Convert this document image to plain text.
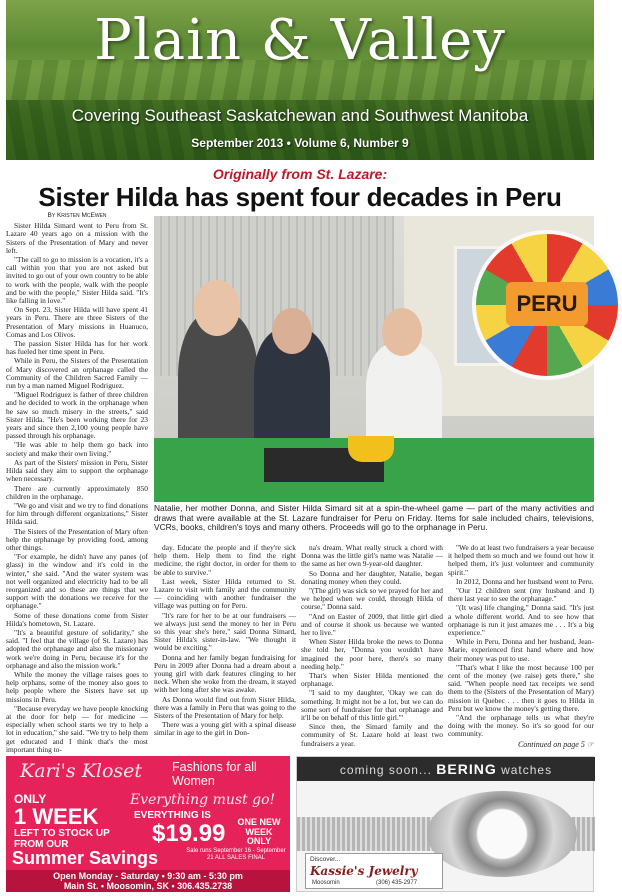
Plain & Valley
Covering Southeast Saskatchewan and Southwest Manitoba
September 2013 • Volume 6, Number 9
Originally from St. Lazare:
Sister Hilda has spent four decades in Peru
By Kristen McEwen

Sister Hilda Simard went to Peru from St. Lazare 40 years ago on a mission with the Sisters of the Presentation of Mary and never left.

"The call to go to mission is a vocation, it's a call within you that you are not asked but invited to go out of your own country to be able to work with the people, walk with the people and be with the people," Sister Hilda said. "It's like falling in love."

On Sept. 23, Sister Hilda will have spent 41 years in Peru. There are three Sisters of the Presentation of Mary missions in Huanuco, Comas and Los Olivos.

The passion Sister Hilda has for her work has fueled her time spent in Peru.

While in Peru, the Sisters of the Presentation of Mary discovered an orphanage called the Community of the Children Sacred Family — run by a man named Miguel Rodriguez.

"Miguel Rodriguez is father of three children and he decided to work in the orphanage when he saw so much misery in the streets," said Sister Hilda. "He's been working there for 23 years and since then 2,100 young people have passed through his orphanage.

"He was able to help them go back into society and make their own living."

As part of the Sisters' mission in Peru, Sister Hilda said they aim to support the orphanage when necessary.

There are currently approximately 850 children in the orphanage.

"We go and visit and we try to find donations for him through different organizations," Sister Hilda said.

The Sisters of the Presentation of Mary often help the orphanage by providing food, among other things.

"For example, he didn't have any panes (of glass) in the window and it's cold in the winter," she said. "And the water system was not well organized and electricity had to be all reorganized and so these are things that we support with the donations we receive for the orphanage."

Some of these donations come from Sister Hilda's hometown, St. Lazare.

"It's a beautiful gesture of solidarity," she said. "I feel that the village (of St. Lazare) has adopted the orphanage and also the missionary work we're doing in Peru, because it's for the orphanage and also the mission work."

While the money the village raises goes to help orphans, some of the money also goes to help people where the Sisters have set up missions in Peru.

"Because everyday we have people knocking at the door for help — for medicine — especially when school starts we try to help a lot in education," she said. "We try to help them get educated and I think that's the most important thing to-

PERU
Natalie, her mother Donna, and Sister Hilda Simard sit at a spin-the-wheel game — part of the many activities and draws that were available at the St. Lazare fundraiser for Peru on Friday. Items for sale included chairs, televisions, VCRs, books, children's toys and many others. Proceeds will go to the orphanage in Peru.

day. Educate the people and if they're sick help them. Help them to find the right medicine, the right doctor, in order for them to be able to survive."

Last week, Sister Hilda returned to St. Lazare to visit with family and the community — coinciding with another fundraiser the village was putting on for Peru.

"It's rare for her to be at our fundraisers — we always just send the money to her in Peru so this year she's here," said Donna Simard, Sister Hilda's sister-in-law. "We thought it would be exciting."

Donna and her family began fundraising for Peru in 2009 after Donna had a dream about a young girl with dark features clinging to her neck. When she woke from the dream, it stayed with her long after she was awake.

As Donna would find out from Sister Hilda, there was a family in Peru that was going to the Sisters of the Presentation of Mary for help.

There was a young girl with a spinal disease similar in age to the girl in Don-

na's dream. What really struck a chord with Donna was the little girl's name was Natalie — the same as her own 9-year-old daughter.

So Donna and her daughter, Natalie, began donating money when they could.

"(The girl) was sick so we prayed for her and we helped when we could, through Hilda of course," Donna said.

"And on Easter of 2009, that little girl died and of course it shook us because we wanted her to live."

When Sister Hilda broke the news to Donna she told her, "Donna you wouldn't have imagined the poor here, there's so many needing help."

That's when Sister Hilda mentioned the orphanage.

"I said to my daughter, 'Okay we can do something. It might not be a lot, but we can do some sort of fundraiser for that orphanage and it'll be on behalf of this little girl.'"

Since then, the Simard family and the community of St. Lazare hold at least two fundraisers a year.

"We do at least two fundraisers a year because it helped them so much and we found out how it helped them, it's just volunteer and community spirit."

In 2012, Donna and her husband went to Peru.

"Our 12 children sent (my husband and I) there last year to see the orphanage."

"(It was) life changing," Donna said. "It's just a whole different world. And to see how that orphanage is run it just amazes me . . . It's a big experience."

While in Peru, Donna and her husband, Jean-Marie, experienced first hand where and how their money was put to use.

"That's what I like the most because 100 per cent of the money (we raise) gets there," she said. "When people need tax receipts we send them to the (Sisters of the Presentation of Mary) mission in Quebec . . . then it goes to Hilda in Peru but we know the money's getting there.

"And the orphanage tells us what they're doing with the money. So it's so good for our community.

Continued on page 5 ☞
Kari's Kloset Fashions for all Women
ONLY
1 WEEK
LEFT TO STOCK UP FROM OUR
Everything must go!
EVERYTHING IS
$19.99	ONE NEW WEEK ONLY
Sale runs September 16 - September 21 ALL SALES FINAL
Summer Savings
Open Monday - Saturday • 9:30 am - 5:30 pm
Main St. • Moosomin, SK • 306.435.2738
coming soon... BERING watches
Discover...
Kassie's Jewelry
Moosomin	(306) 435-2977
